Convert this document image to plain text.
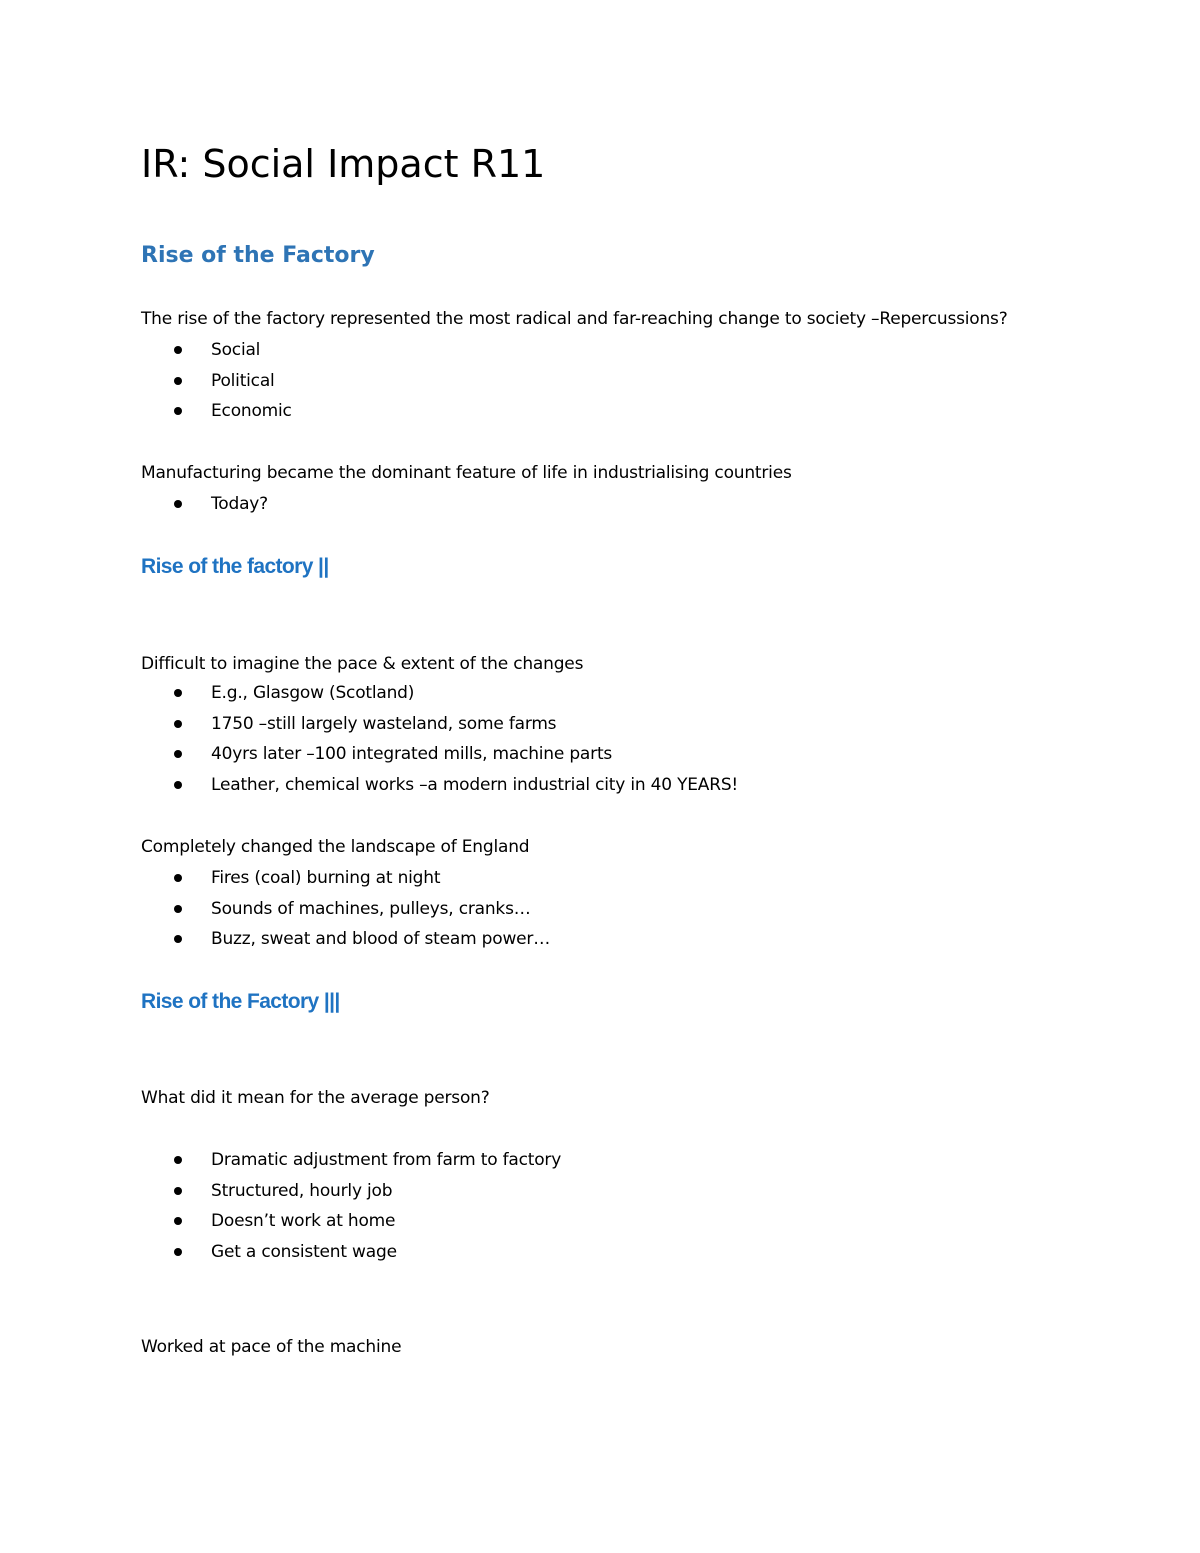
IR: Social Impact R11
Rise of the Factory

The rise of the factory represented the most radical and far-reaching change to society –Repercussions?

Social
Political
Economic

Manufacturing became the dominant feature of life in industrialising countries

Today?
Rise of the factory ||

Difficult to imagine the pace & extent of the changes

E.g., Glasgow (Scotland)
1750 –still largely wasteland, some farms
40yrs later –100 integrated mills, machine parts
Leather, chemical works –a modern industrial city in 40 YEARS!

Completely changed the landscape of England

Fires (coal) burning at night
Sounds of machines, pulleys, cranks…
Buzz, sweat and blood of steam power…
Rise of the Factory |||

What did it mean for the average person?

Dramatic adjustment from farm to factory
Structured, hourly job
Doesn’t work at home
Get a consistent wage

Worked at pace of the machine
